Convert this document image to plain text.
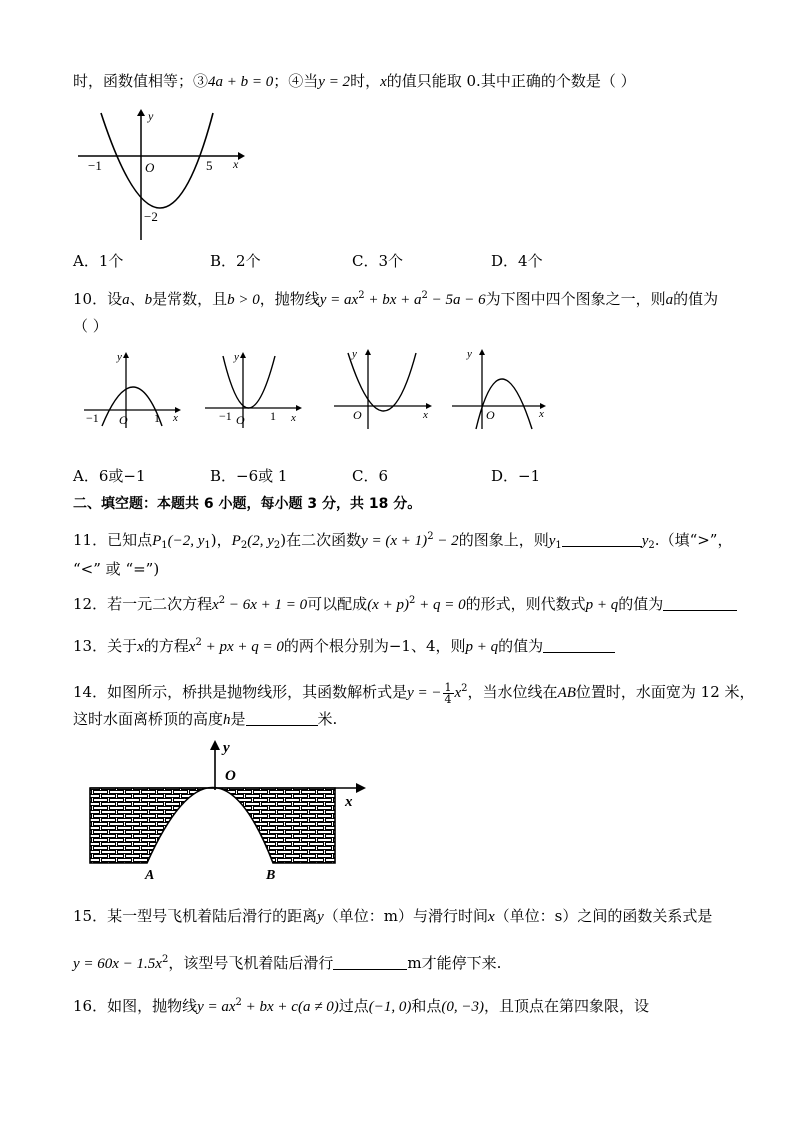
时，函数值相等；③4a + b = 0；④当y = 2时，x的值只能取 0.其中正确的个数是（ ）
y
x
O
−1	5
−2
A．1个	B．2个	C．3个	D．4个
10．设a、b是常数，且b > 0，抛物线$y = ax^2$ + bx + $a^2 - 5a - 6$为下图中四个图象之一，则a的值为
（ ）
y
x
−1 O 1
y
x
−1 O 1
y
x
O
y
x
O
A．6或−1	B．−6或 1	C．6	D．−1
二、填空题：本题共 6 小题，每小题 3 分，共 18 分。
11．已知点$P_1(-2$, $y_1$)，$P_2(2$, $y_2$)在二次函数$y = (x + 1)^2 - 2$的图象上，则$y_1$	$y_2$.（填“>”，
“<” 或 “=”)
12．若一元二次方程$x^2 - 6x + 1 = 0$可以配成$(x + p)^2 + q = 0$的形式，则代数式p + q的值为
13．关于x的方程$x^2$ + px + q = 0的两个根分别为−1、4，则p + q的值为
14．如图所示，桥拱是抛物线形，其函数解析式是y = − $\frac{1}{4} x^2$，当水位线在AB位置时，水面宽为 12 米，
这时水面离桥顶的高度h是	米.
y
O
x
A	B
15．某一型号飞机着陆后滑行的距离y（单位：m）与滑行时间x（单位：s）之间的函数关系式是
$y = 60x - 1.5x^2$，该型号飞机着陆后滑行	m才能停下来.
16．如图，抛物线$y = ax^2$ + bx + c(a ≠ 0)过点(−1, 0)和点(0, −3)，且顶点在第四象限，设
